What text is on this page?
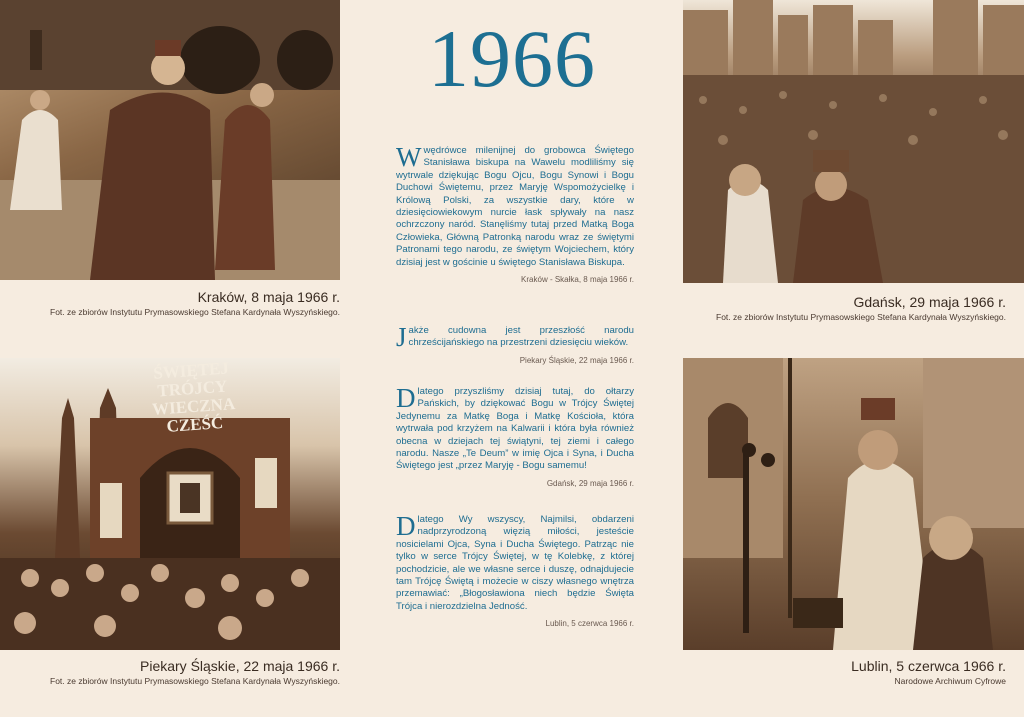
Kraków, 8 maja 1966 r.
Fot. ze zbiorów Instytutu Prymasowskiego Stefana Kardynała Wyszyńskiego.
ŚWIĘTEJ
TRÓJCY
WIECZNA
CZEŚĆ
Piekary Śląskie, 22 maja 1966 r.
Fot. ze zbiorów Instytutu Prymasowskiego Stefana Kardynała Wyszyńskiego.
1966

Wwędrówce milenijnej do grobowca Świętego Stanisława biskupa na Wawelu modliliśmy się wytrwale dziękując Bogu Ojcu, Bogu Synowi i Bogu Duchowi Świętemu, przez Maryję Wspomożycielkę i Królową Polski, za wszystkie dary, które w dziesięciowiekowym nurcie łask spływały na nasz ochrzczony naród. Stanęliśmy tutaj przed Matką Boga Człowieka, Główną Patronką narodu wraz ze świętymi Patronami tego narodu, ze świętym Wojciechem, który dzisiaj jest w gościnie u świętego Stanisława Biskupa.

Kraków - Skałka, 8 maja 1966 r.

Jakże cudowna jest przeszłość narodu chrześcijańskiego na przestrzeni dziesięciu wieków.

Piekary Śląskie, 22 maja 1966 r.

Dlatego przyszliśmy dzisiaj tutaj, do ołtarzy Pańskich, by dziękować Bogu w Trójcy Świętej Jedynemu za Matkę Boga i Matkę Kościoła, która wytrwała pod krzyżem na Kalwarii i która była również obecna w dziejach tej świątyni, tej ziemi i całego narodu. Nasze „Te Deum” w imię Ojca i Syna, i Ducha Świętego jest „przez Maryję - Bogu samemu!

Gdańsk, 29 maja 1966 r.

Dlatego Wy wszyscy, Najmilsi, obdarzeni nadprzyrodzoną więzią miłości, jesteście nosicielami Ojca, Syna i Ducha Świętego. Patrząc nie tylko w serce Trójcy Świętej, w tę Kolebkę, z której pochodzicie, ale we własne serce i duszę, odnajdujecie tam Trójcę Świętą i możecie w ciszy własnego wnętrza przemawiać: „Błogosławiona niech będzie Święta Trójca i nierozdzielna Jedność.

Lublin, 5 czerwca 1966 r.
Gdańsk, 29 maja 1966 r.
Fot. ze zbiorów Instytutu Prymasowskiego Stefana Kardynała Wyszyńskiego.
Lublin, 5 czerwca 1966 r.
Narodowe Archiwum Cyfrowe
